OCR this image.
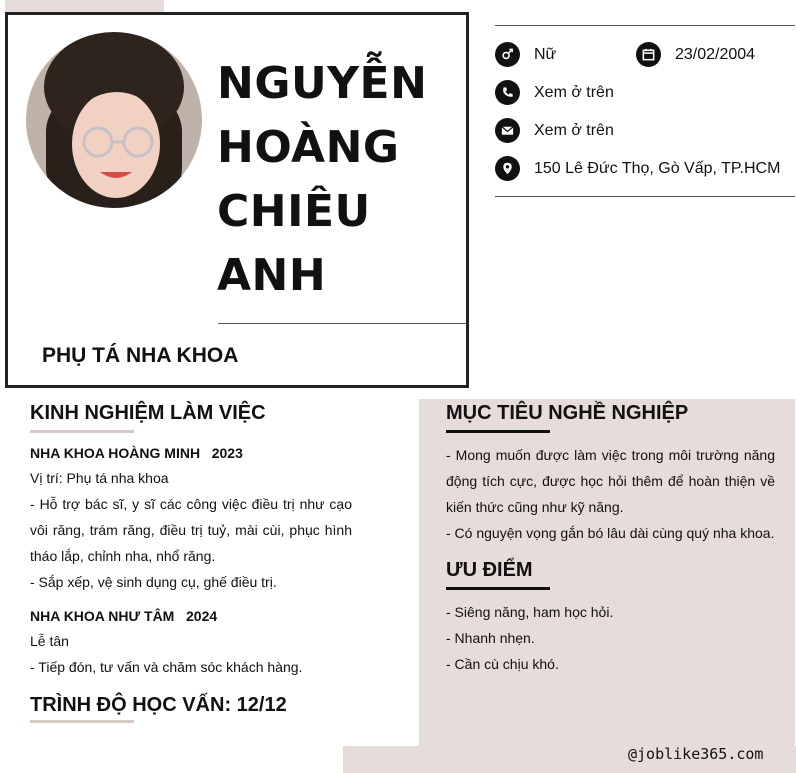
NGUYỄN
HOÀNG
CHIÊU
ANH
PHỤ TÁ NHA KHOA
Nữ	23/02/2004
Xem ở trên
Xem ở trên
150 Lê Đức Thọ, Gò Vấp, TP.HCM
KINH NGHIỆM LÀM VIỆC
NHA KHOA HOÀNG MINH   2023
Vị trí: Phụ tá nha khoa
- Hỗ trợ bác sĩ, y sĩ các công việc điều trị như cạo vôi răng, trám răng, điều trị tuỷ, mài cùi, phục hình tháo lắp, chỉnh nha, nhổ răng.
- Sắp xếp, vệ sinh dụng cụ, ghế điều trị.
NHA KHOA NHƯ TÂM   2024
Lễ tân
- Tiếp đón, tư vấn và chăm sóc khách hàng.
TRÌNH ĐỘ HỌC VẤN: 12/12
MỤC TIÊU NGHỀ NGHIỆP
- Mong muốn được làm việc trong môi trường năng động tích cực, được học hỏi thêm để hoàn thiện về kiến thức cũng như kỹ năng.
- Có nguyện vọng gắn bó lâu dài cùng quý nha khoa.
ƯU ĐIỂM
- Siêng năng, ham học hỏi.
- Nhanh nhẹn.
- Cần cù chịu khó.
@joblike365.com
